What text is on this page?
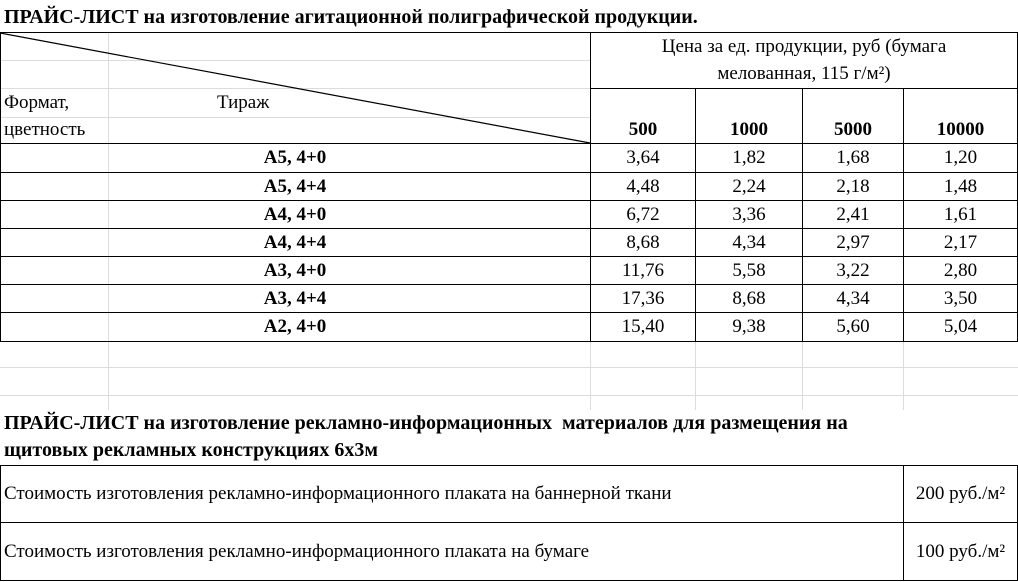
ПРАЙС-ЛИСТ на изготовление агитационной полиграфической продукции.
Формат,
цветность
Тираж
Цена за ед. продукции, руб (бумага
мелованная, 115 г/м²)
500	1000	5000	10000
А5, 4+0	3,64	1,82	1,68	1,20
А5, 4+4	4,48	2,24	2,18	1,48
А4, 4+0	6,72	3,36	2,41	1,61
А4, 4+4	8,68	4,34	2,97	2,17
А3, 4+0	11,76	5,58	3,22	2,80
А3, 4+4	17,36	8,68	4,34	3,50
А2, 4+0	15,40	9,38	5,60	5,04
ПРАЙС-ЛИСТ на изготовление рекламно-информационных  материалов для размещения на
щитовых рекламных конструкциях 6х3м
Стоимость изготовления рекламно-информационного плаката на баннерной ткани	200 руб./м²
Стоимость изготовления рекламно-информационного плаката на бумаге	100 руб./м²
